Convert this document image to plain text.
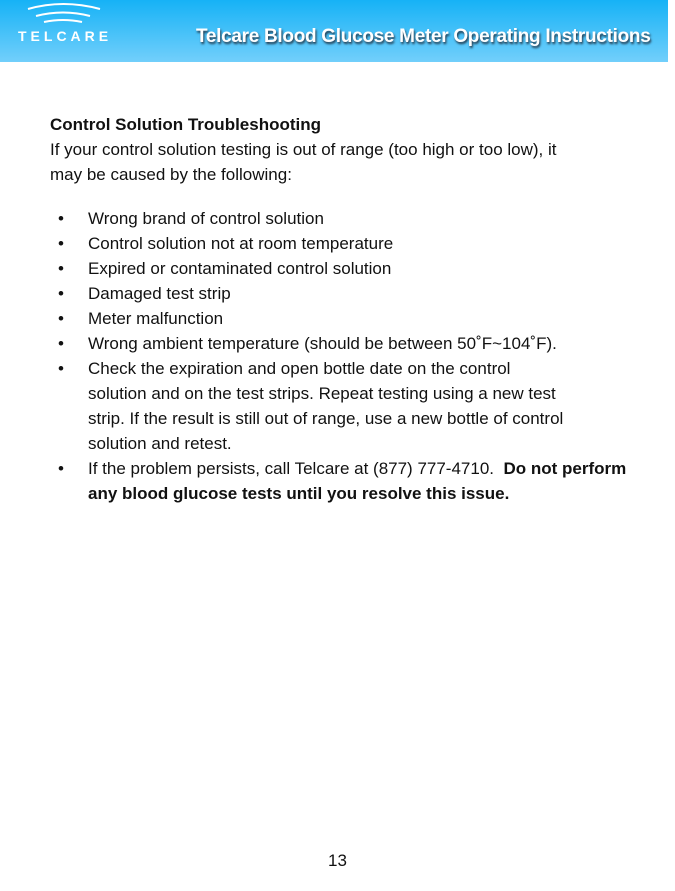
TELCARE	Telcare Blood Glucose Meter Operating Instructions

Control Solution Troubleshooting

If your control solution testing is out of range (too high or too low), it may be caused by the following:

• Wrong brand of control solution
• Control solution not at room temperature
• Expired or contaminated control solution
• Damaged test strip
• Meter malfunction
• Wrong ambient temperature (should be between 50˚F~104˚F).
• Check the expiration and open bottle date on the control solution and on the test strips. Repeat testing using a new test strip. If the result is still out of range, use a new bottle of control solution and retest.
• If the problem persists, call Telcare at (877) 777-4710. Do not perform any blood glucose tests until you resolve this issue.
13
